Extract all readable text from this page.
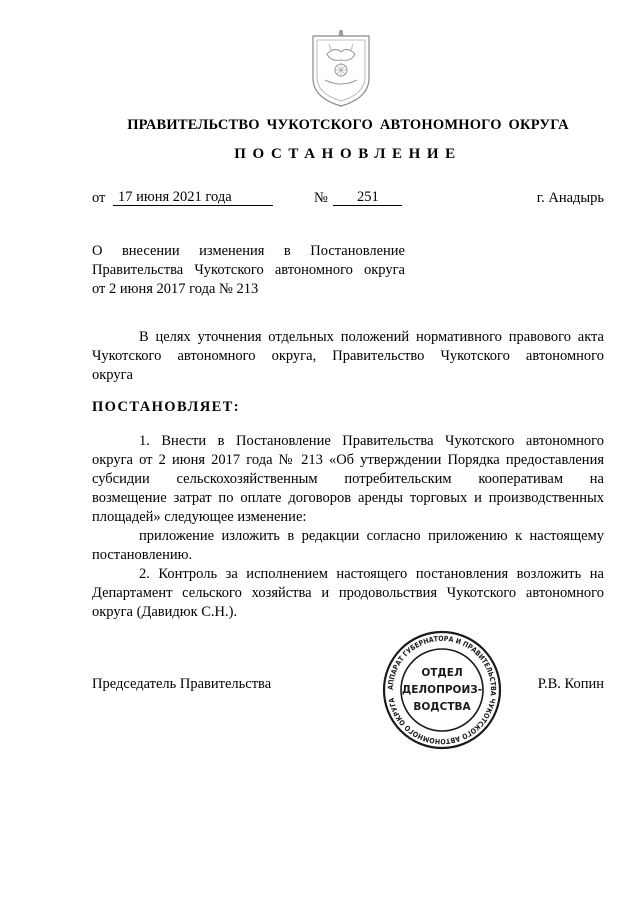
ПРАВИТЕЛЬСТВО ЧУКОТСКОГО АВТОНОМНОГО ОКРУГА
ПОСТАНОВЛЕНИЕ
от 17 июня 2021 года	№	251	г. Анадырь
О внесении изменения в Постановление
Правительства Чукотского автономного округа
от 2 июня 2017 года № 213
В целях уточнения отдельных положений нормативного правового акта
Чукотского автономного округа, Правительство Чукотского автономного
округа
ПОСТАНОВЛЯЕТ:
1. Внести в Постановление Правительства Чукотского автономного
округа от 2 июня 2017 года № 213 «Об утверждении Порядка предоставления
субсидии сельскохозяйственным потребительским кооперативам на
возмещение затрат по оплате договоров аренды торговых и производственных
площадей» следующее изменение:
приложение изложить в редакции согласно приложению к настоящему
постановлению.
2. Контроль за исполнением настоящего постановления возложить на
Департамент сельского хозяйства и продовольствия Чукотского автономного
округа (Давидюк С.Н.).
Председатель Правительства	Р.В. Копин
АППАРАТ ГУБЕРНАТОРА И ПРАВИТЕЛЬСТВА ЧУКОТСКОГО АВТОНОМНОГО ОКРУГА
ОТДЕЛ
ДЕЛОПРОИЗ-
ВОДСТВА
